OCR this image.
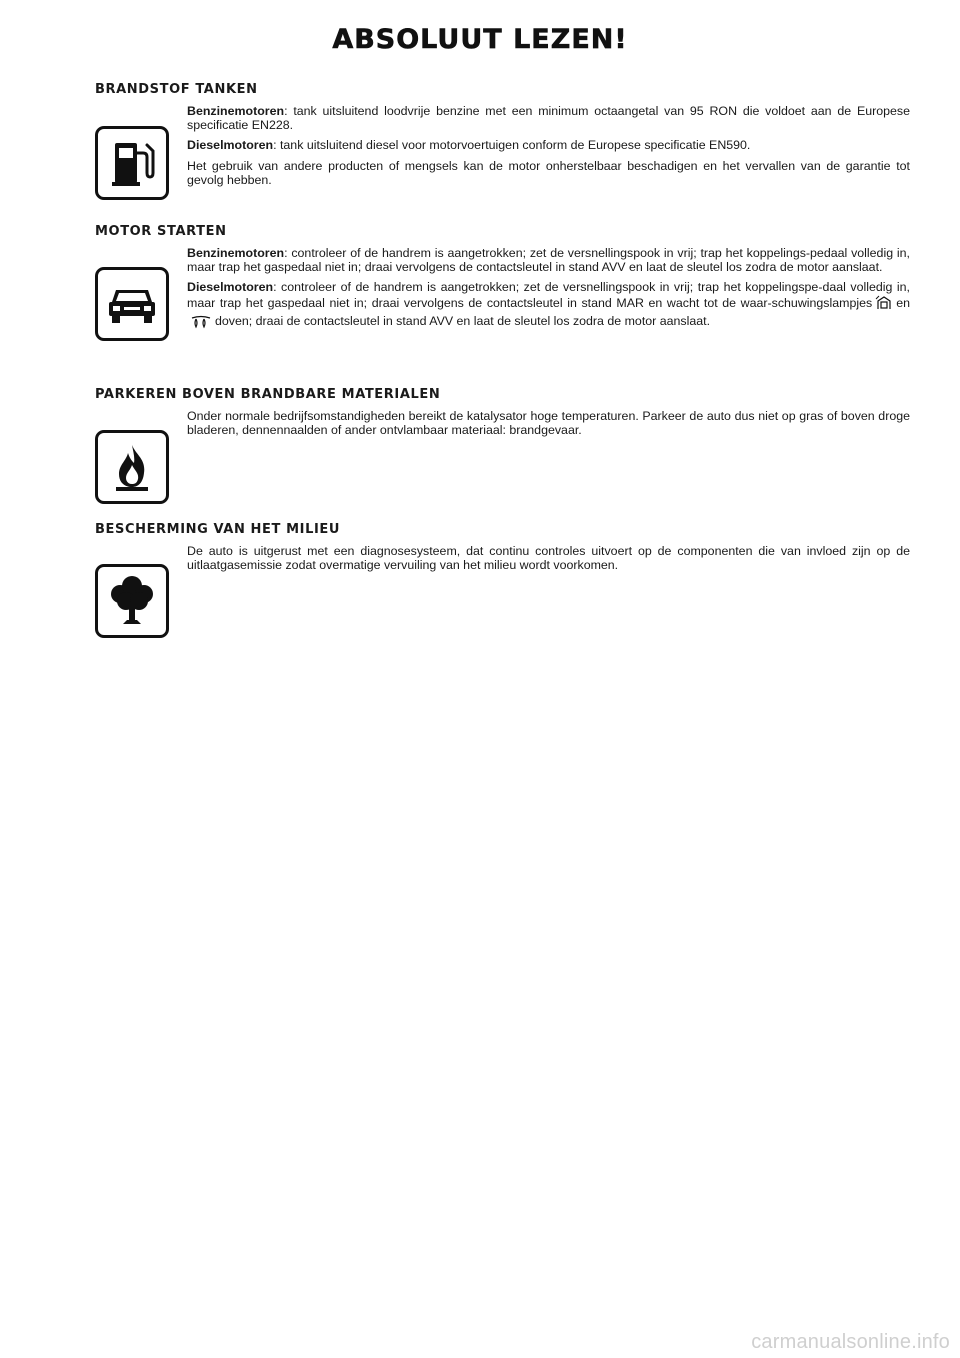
ABSOLUUT LEZEN!
BRANDSTOF TANKEN

Benzinemotoren: tank uitsluitend loodvrije benzine met een minimum octaangetal van 95 RON die voldoet aan de Europese specificatie EN228.

Dieselmotoren: tank uitsluitend diesel voor motorvoertuigen conform de Europese specificatie EN590.

Het gebruik van andere producten of mengsels kan de motor onherstelbaar beschadigen en het vervallen van de garantie tot gevolg hebben.

MOTOR STARTEN

Benzinemotoren: controleer of de handrem is aangetrokken; zet de versnellingspook in vrij; trap het koppelings-pedaal volledig in, maar trap het gaspedaal niet in; draai vervolgens de contactsleutel in stand AVV en laat de sleutel los zodra de motor aanslaat.

Dieselmotoren: controleer of de handrem is aangetrokken; zet de versnellingspook in vrij; trap het koppelingspe-daal volledig in, maar trap het gaspedaal niet in; draai vervolgens de contactsleutel in stand MAR en wacht tot de waar-schuwingslampjes endoven; draai de contactsleutel in stand AVV en laat de sleutel los zodra de motor aanslaat.

PARKEREN BOVEN BRANDBARE MATERIALEN

Onder normale bedrijfsomstandigheden bereikt de katalysator hoge temperaturen. Parkeer de auto dus niet op gras of boven droge bladeren, dennennaalden of ander ontvlambaar materiaal: brandgevaar.

BESCHERMING VAN HET MILIEU

De auto is uitgerust met een diagnosesysteem, dat continu controles uitvoert op de componenten die van invloed zijn op de uitlaatgasemissie zodat overmatige vervuiling van het milieu wordt voorkomen.

carmanualsonline.info
